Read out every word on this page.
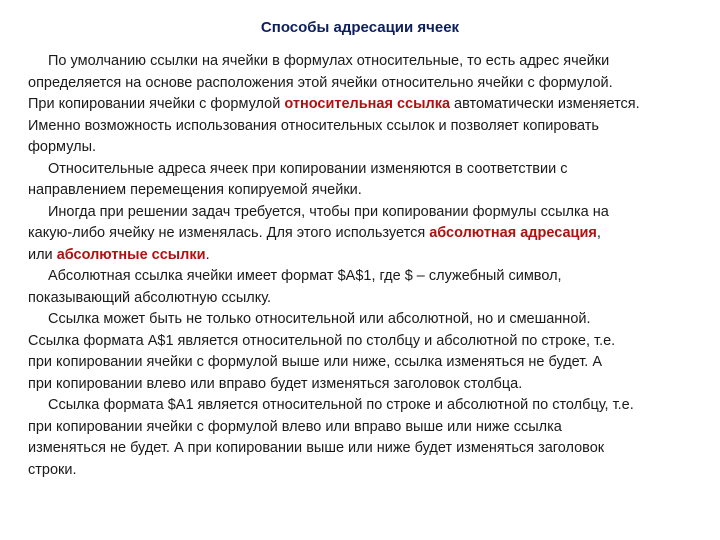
Способы адресации ячеек
По умолчанию ссылки на ячейки в формулах относительные, то есть адрес ячейки
определяется на основе расположения этой ячейки относительно ячейки с формулой.
При копировании ячейки с формулой относительная ссылка автоматически изменяется.
Именно возможность использования относительных ссылок и позволяет копировать
формулы.
Относительные адреса ячеек при копировании изменяются в соответствии с
направлением перемещения копируемой ячейки.
Иногда при решении задач требуется, чтобы при копировании формулы ссылка на
какую-либо ячейку не изменялась. Для этого используется абсолютная адресация,
или абсолютные ссылки.
Абсолютная ссылка ячейки имеет формат $A$1, где $ – служебный символ,
показывающий абсолютную ссылку.
Ссылка может быть не только относительной или абсолютной, но и смешанной.
Ссылка формата A$1 является относительной по столбцу и абсолютной по строке, т.е.
при копировании ячейки с формулой выше или ниже, ссылка изменяться не будет. А
при копировании влево или вправо будет изменяться заголовок столбца.
Ссылка формата $A1 является относительной по строке и абсолютной по столбцу, т.е.
при копировании ячейки с формулой влево или вправо выше или ниже ссылка
изменяться не будет. А при копировании выше или ниже будет изменяться заголовок
строки.
